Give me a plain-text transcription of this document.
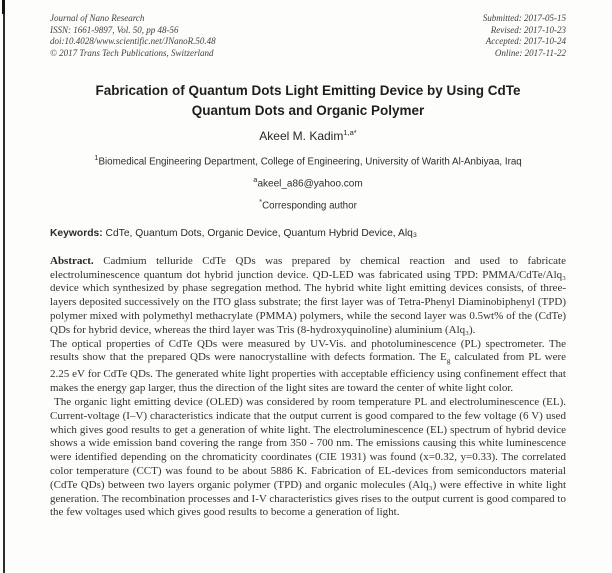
Journal of Nano Research
ISSN: 1661-9897, Vol. 50, pp 48-56
doi:10.4028/www.scientific.net/JNanoR.50.48
© 2017 Trans Tech Publications, Switzerland
Submitted: 2017-05-15
Revised: 2017-10-23
Accepted: 2017-10-24
Online: 2017-11-22
Fabrication of Quantum Dots Light Emitting Device by Using CdTe Quantum Dots and Organic Polymer
Akeel M. Kadim$^{1,a*}$
$^1$Biomedical Engineering Department, College of Engineering, University of Warith Al-Anbiyaa, Iraq
$^a$akeel_a86@yahoo.com
*Corresponding author
Keywords: CdTe, Quantum Dots, Organic Device, Quantum Hybrid Device, Alq₃

Abstract. Cadmium telluride CdTe QDs was prepared by chemical reaction and used to fabricate electroluminescence quantum dot hybrid junction device. QD-LED was fabricated using TPD: PMMA/CdTe/Alq₃ device which synthesized by phase segregation method. The hybrid white light emitting devices consists, of three-layers deposited successively on the ITO glass substrate; the first layer was of Tetra-Phenyl Diaminobiphenyl (TPD) polymer mixed with polymethyl methacrylate (PMMA) polymers, while the second layer was 0.5wt% of the (CdTe) QDs for hybrid device, whereas the third layer was Tris (8-hydroxyquinoline) aluminium (Alq₃).

The optical properties of CdTe QDs were measured by UV-Vis. and photoluminescence (PL) spectrometer. The results show that the prepared QDs were nanocrystalline with defects formation. The $E_g$ calculated from PL were 2.25 eV for CdTe QDs. The generated white light properties with acceptable efficiency using confinement effect that makes the energy gap larger, thus the direction of the light sites are toward the center of white light color.

The organic light emitting device (OLED) was considered by room temperature PL and electroluminescence (EL). Current-voltage (I–V) characteristics indicate that the output current is good compared to the few voltage (6 V) used which gives good results to get a generation of white light. The electroluminescence (EL) spectrum of hybrid device shows a wide emission band covering the range from 350 - 700 nm. The emissions causing this white luminescence were identified depending on the chromaticity coordinates (CIE 1931) was found (x=0.32, y=0.33). The correlated color temperature (CCT) was found to be about 5886 K. Fabrication of EL-devices from semiconductors material (CdTe QDs) between two layers organic polymer (TPD) and organic molecules (Alq₃) were effective in white light generation. The recombination processes and I-V characteristics gives rises to the output current is good compared to the few voltages used which gives good results to become a generation of light.
